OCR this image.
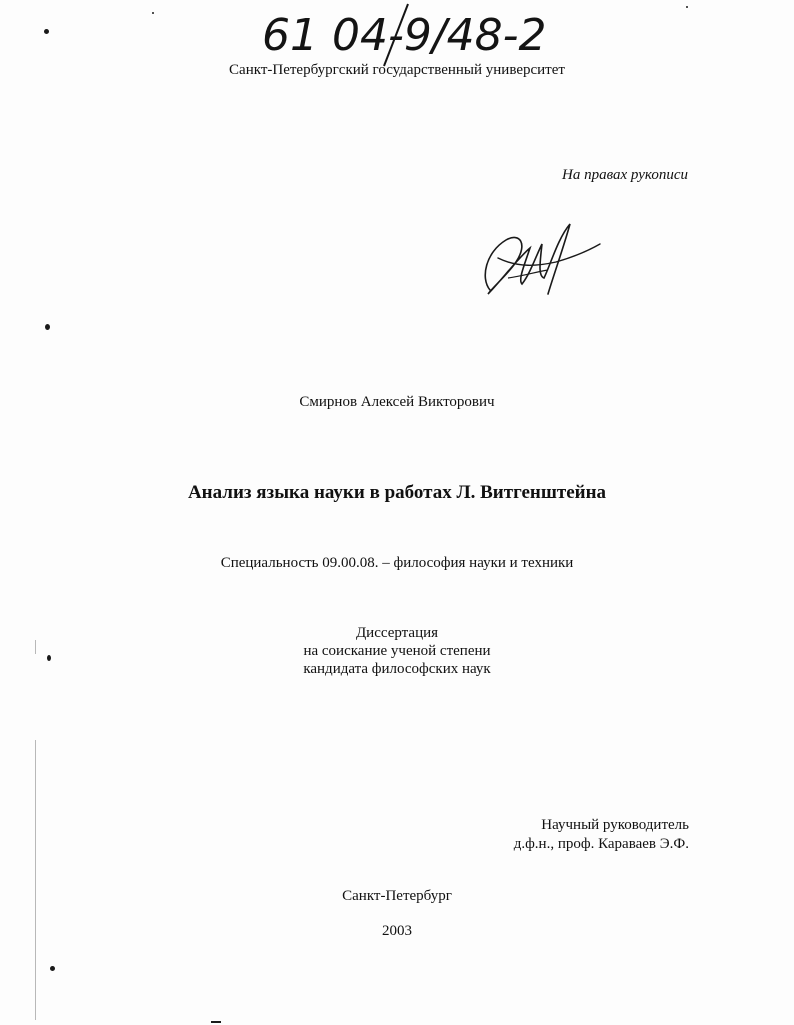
61 04-9/48-2
Санкт-Петербургский государственный университет
На правах рукописи
Смирнов Алексей Викторович
Анализ языка науки в работах Л. Витгенштейна
Специальность 09.00.08. – философия науки и техники
Диссертация
на соискание ученой степени
кандидата философских наук
Научный руководитель
д.ф.н., проф. Караваев Э.Ф.
Санкт-Петербург
2003
